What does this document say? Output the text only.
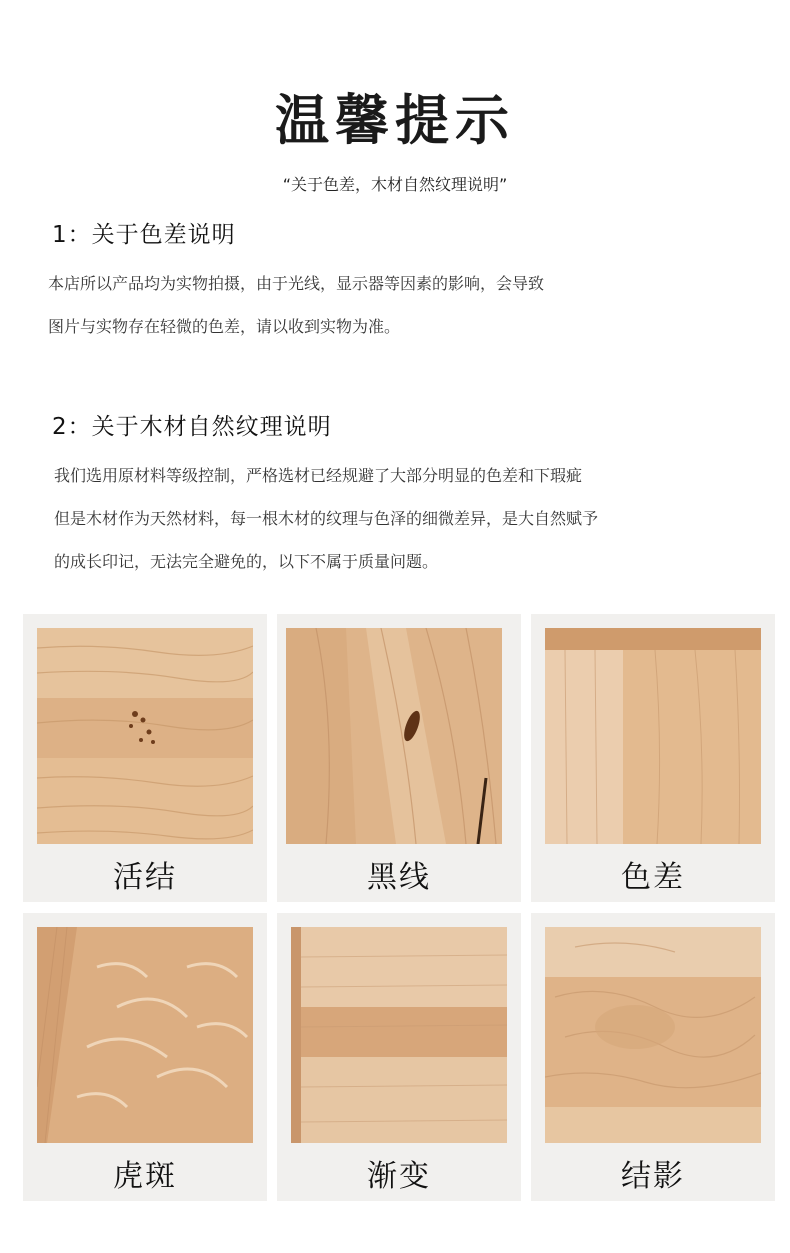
温馨提示
“关于色差，木材自然纹理说明”
1：关于色差说明
本店所以产品均为实物拍摄，由于光线，显示器等因素的影响，会导致
图片与实物存在轻微的色差，请以收到实物为准。
2：关于木材自然纹理说明
我们选用原材料等级控制，严格选材已经规避了大部分明显的色差和下瑕疵
但是木材作为天然材料，每一根木材的纹理与色泽的细微差异，是大自然赋予
的成长印记，无法完全避免的，以下不属于质量问题。
活结	黑线	色差
虎斑	渐变	结影
